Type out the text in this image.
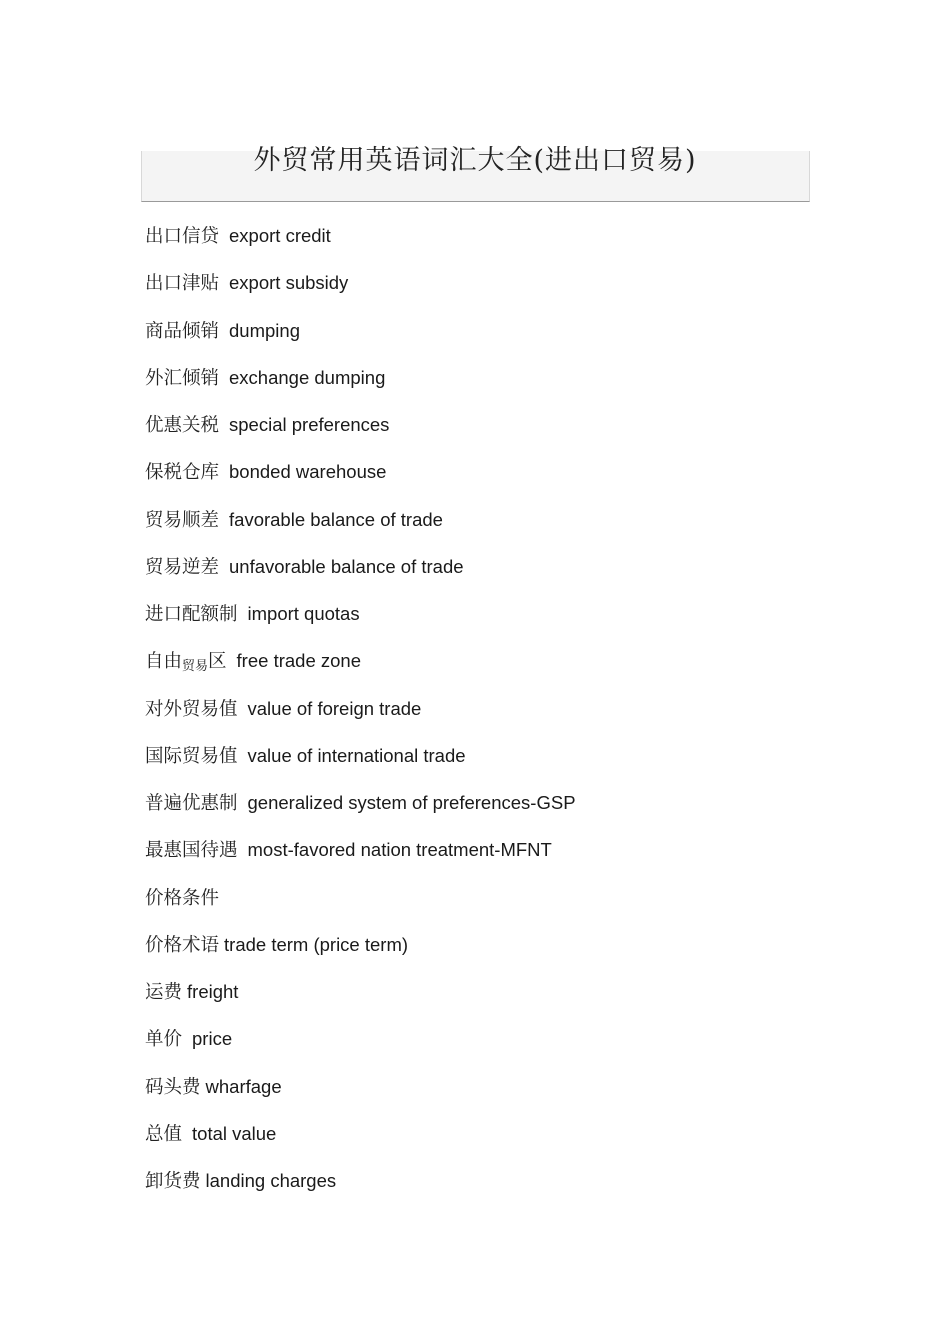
外贸常用英语词汇大全(进出口贸易)
出口信贷 export credit
出口津贴 export subsidy
商品倾销 dumping
外汇倾销 exchange dumping
优惠关税 special preferences
保税仓库 bonded warehouse
贸易顺差 favorable balance of trade
贸易逆差 unfavorable balance of trade
进口配额制 import quotas
自由贸易区 free trade zone
对外贸易值 value of foreign trade
国际贸易值 value of international trade
普遍优惠制 generalized system of preferences-GSP
最惠国待遇 most-favored nation treatment-MFNT
价格条件
价格术语 trade term (price term)
运费 freight
单价 price
码头费 wharfage
总值 total value
卸货费 landing charges
